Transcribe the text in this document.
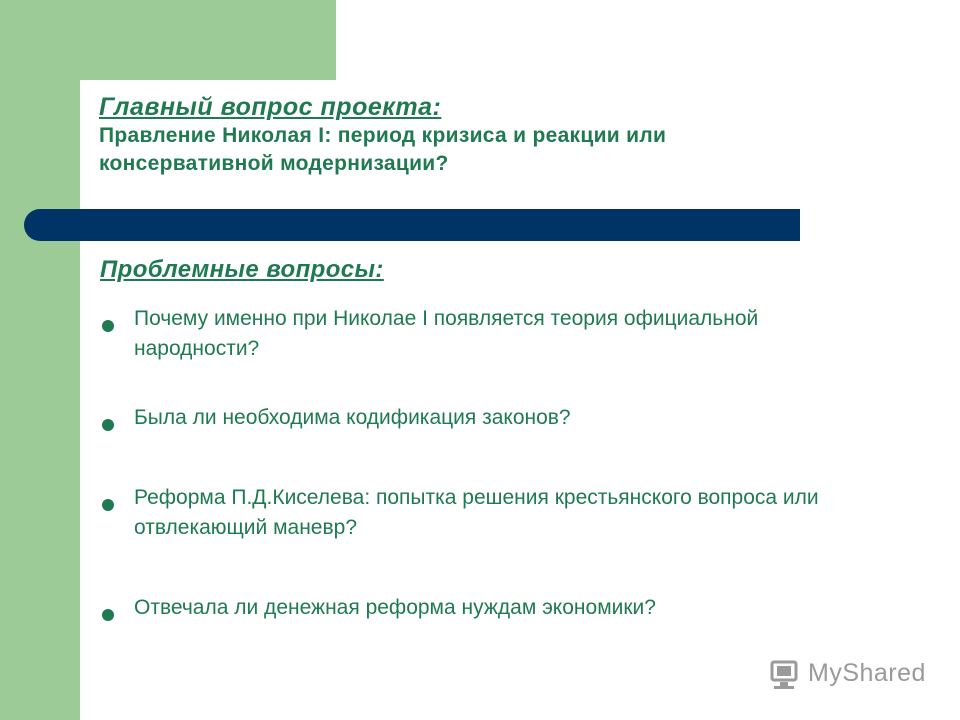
Главный вопрос проекта:
Правление Николая I: период кризиса и реакции или консервативной модернизации?
Проблемные вопросы:
Почему именно при Николае I появляется теория официальной народности?
Была ли необходима кодификация законов?
Реформа П.Д.Киселева: попытка решения крестьянского вопроса или отвлекающий маневр?
Отвечала ли денежная реформа нуждам экономики?
MyShared
